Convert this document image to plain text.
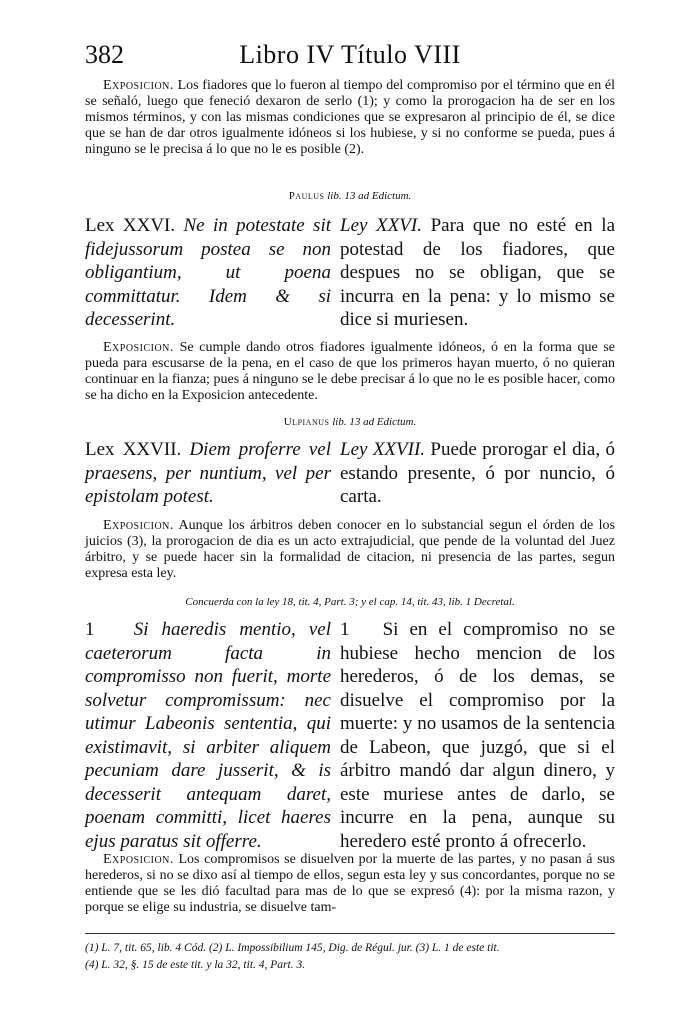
382	Libro IV Título VIII
Exposicion. Los fiadores que lo fueron al tiempo del compromiso por el término que en él se señaló, luego que feneció dexaron de serlo (1); y como la prorogacion ha de ser en los mismos términos, y con las mismas condiciones que se expresaron al principio de él, se dice que se han de dar otros igualmente idóneos si los hubiese, y si no conforme se pueda, pues á ninguno se le precisa á lo que no le es posible (2).
Paulus lib. 13 ad Edictum.
Lex XXVI. Ne in potestate sit fidejussorum postea se non obligantium, ut poena committatur. Idem & si decesserint.
Ley XXVI. Para que no esté en la potestad de los fiadores, que despues no se obligan, que se incurra en la pena: y lo mismo se dice si muriesen.
Exposicion. Se cumple dando otros fiadores igualmente idóneos, ó en la forma que se pueda para escusarse de la pena, en el caso de que los primeros hayan muerto, ó no quieran continuar en la fianza; pues á ninguno se le debe precisar á lo que no le es posible hacer, como se ha dicho en la Exposicion antecedente.
Ulpianus lib. 13 ad Edictum.
Lex XXVII. Diem proferre vel praesens, per nuntium, vel per epistolam potest.
Ley XXVII. Puede prorogar el dia, ó estando presente, ó por nuncio, ó carta.
Exposicion. Aunque los árbitros deben conocer en lo substancial segun el órden de los juicios (3), la prorogacion de dia es un acto extrajudicial, que pende de la voluntad del Juez árbitro, y se puede hacer sin la formalidad de citacion, ni presencia de las partes, segun expresa esta ley.
Concuerda con la ley 18, tit. 4, Part. 3; y el cap. 14, tit. 43, lib. 1 Decretal.
1 Si haeredis mentio, vel caeterorum facta in compromisso non fuerit, morte solvetur compromissum: nec utimur Labeonis sententia, qui existimavit, si arbiter aliquem pecuniam dare jusserit, & is decesserit antequam daret, poenam committi, licet haeres ejus paratus sit offerre.
1 Si en el compromiso no se hubiese hecho mencion de los herederos, ó de los demas, se disuelve el compromiso por la muerte: y no usamos de la sentencia de Labeon, que juzgó, que si el árbitro mandó dar algun dinero, y este muriese antes de darlo, se incurre en la pena, aunque su heredero esté pronto á ofrecerlo.
Exposicion. Los compromisos se disuelven por la muerte de las partes, y no pasan á sus herederos, si no se dixo así al tiempo de ellos, segun esta ley y sus concordantes, porque no se entiende que se les dió facultad para mas de lo que se expresó (4): por la misma razon, y porque se elige su industria, se disuelve tam-
(1) L. 7, tit. 65, lib. 4 Cód. (2) L. Impossibilium 145, Dig. de Régul. jur. (3) L. 1 de este tit.
(4) L. 32, §. 15 de este tit. y la 32, tit. 4, Part. 3.
